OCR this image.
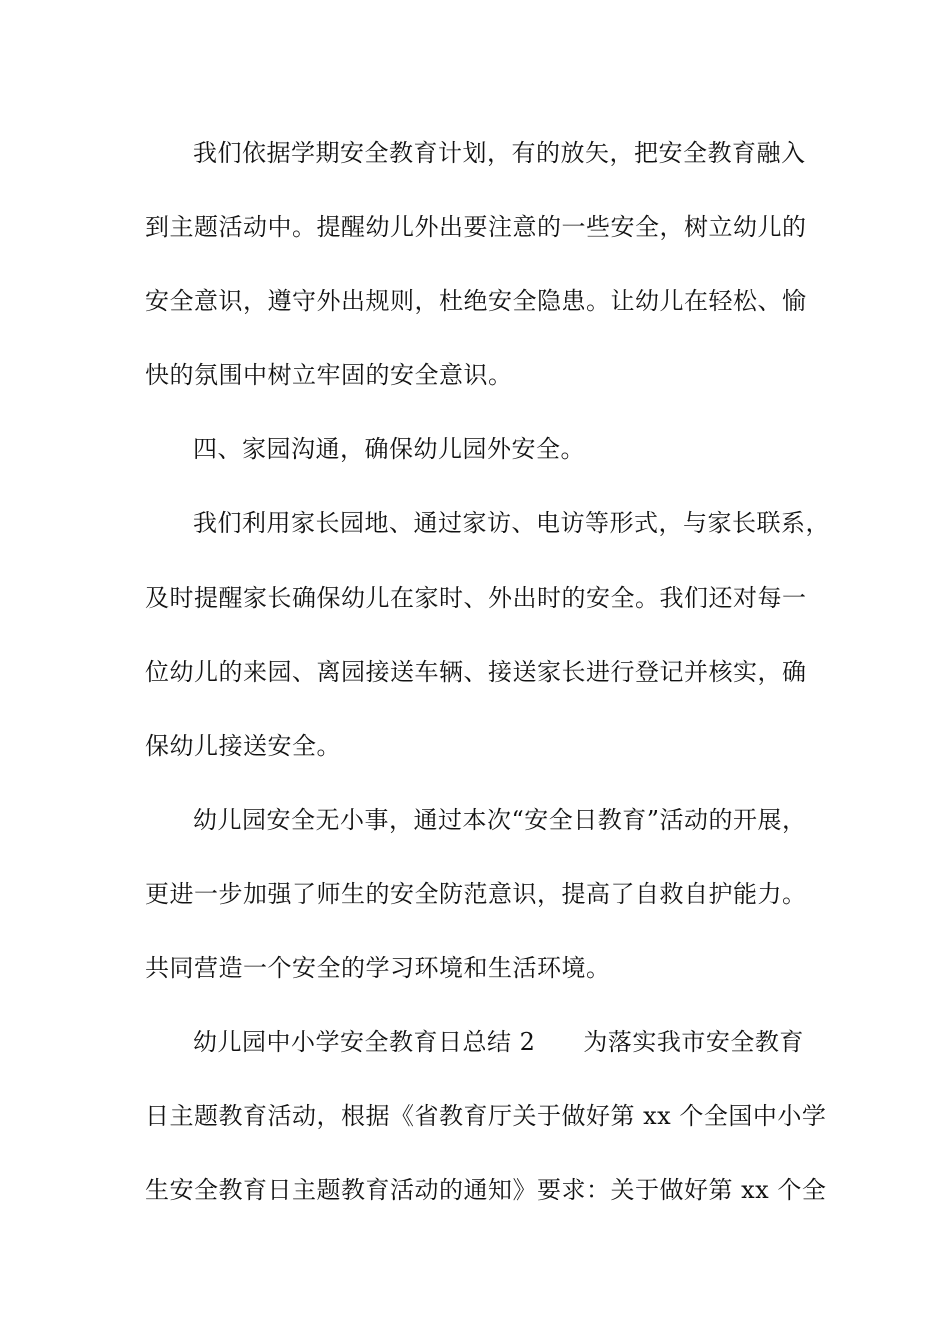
我们依据学期安全教育计划，有的放矢，把安全教育融入
到主题活动中。提醒幼儿外出要注意的一些安全，树立幼儿的
安全意识，遵守外出规则，杜绝安全隐患。让幼儿在轻松、愉
快的氛围中树立牢固的安全意识。
四、家园沟通，确保幼儿园外安全。
我们利用家长园地、通过家访、电访等形式，与家长联系，
及时提醒家长确保幼儿在家时、外出时的安全。我们还对每一
位幼儿的来园、离园接送车辆、接送家长进行登记并核实，确
保幼儿接送安全。
幼儿园安全无小事，通过本次“安全日教育”活动的开展，
更进一步加强了师生的安全防范意识，提高了自救自护能力。
共同营造一个安全的学习环境和生活环境。
幼儿园中小学安全教育日总结 2 为落实我市安全教育
日主题教育活动，根据《省教育厅关于做好第 xx 个全国中小学
生安全教育日主题教育活动的通知》要求：关于做好第 xx 个全
